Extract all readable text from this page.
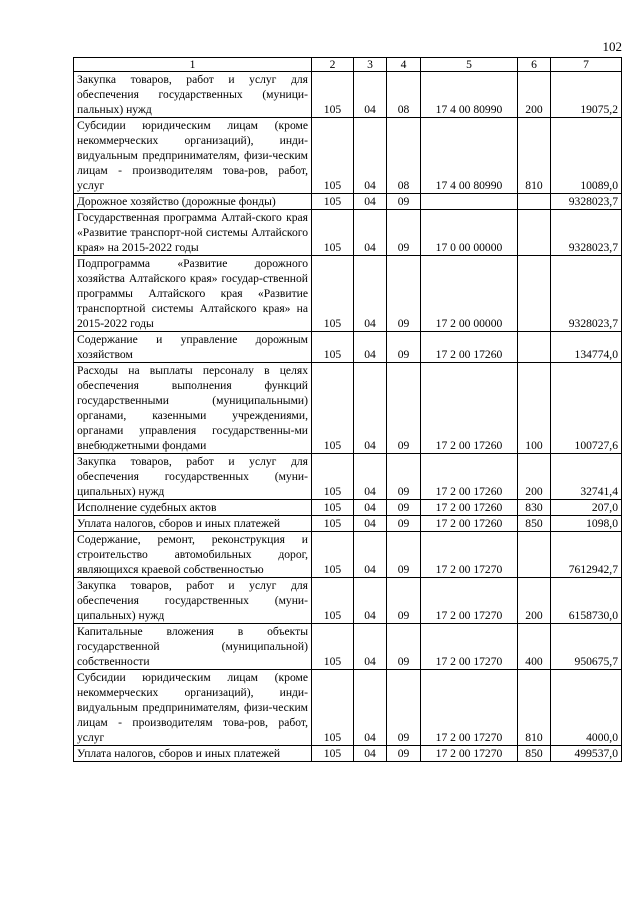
102
1	2	3	4	5	6	7
Закупка товаров, работ и услуг для обеспечения государственных (муници-пальных) нужд	105	04	08	17 4 00 80990	200	19075,2
Субсидии юридическим лицам (кроме некоммерческих организаций), инди-видуальным предпринимателям, физи-ческим лицам - производителям това-ров, работ, услуг	105	04	08	17 4 00 80990	810	10089,0
Дорожное хозяйство (дорожные фонды)	105	04	09			9328023,7
Государственная программа Алтай-ского края «Развитие транспорт-ной системы Алтайского края» на 2015-2022 годы	105	04	09	17 0 00 00000		9328023,7
Подпрограмма «Развитие дорожного хозяйства Алтайского края» государ-ственной программы Алтайского края «Развитие транспортной системы Алтайского края» на 2015-2022 годы	105	04	09	17 2 00 00000		9328023,7
Содержание и управление дорожным хозяйством	105	04	09	17 2 00 17260		134774,0
Расходы на выплаты персоналу в целях обеспечения выполнения функций государственными (муниципальными) органами, казенными учреждениями, органами управления государственны-ми внебюджетными фондами	105	04	09	17 2 00 17260	100	100727,6
Закупка товаров, работ и услуг для обеспечения государственных (муни-ципальных) нужд	105	04	09	17 2 00 17260	200	32741,4
Исполнение судебных актов	105	04	09	17 2 00 17260	830	207,0
Уплата налогов, сборов и иных платежей	105	04	09	17 2 00 17260	850	1098,0
Содержание, ремонт, реконструкция и строительство автомобильных дорог, являющихся краевой собственностью	105	04	09	17 2 00 17270		7612942,7
Закупка товаров, работ и услуг для обеспечения государственных (муни-ципальных) нужд	105	04	09	17 2 00 17270	200	6158730,0
Капитальные вложения в объекты государственной (муниципальной) собственности	105	04	09	17 2 00 17270	400	950675,7
Субсидии юридическим лицам (кроме некоммерческих организаций), инди-видуальным предпринимателям, физи-ческим лицам - производителям това-ров, работ, услуг	105	04	09	17 2 00 17270	810	4000,0
Уплата налогов, сборов и иных платежей	105	04	09	17 2 00 17270	850	499537,0
